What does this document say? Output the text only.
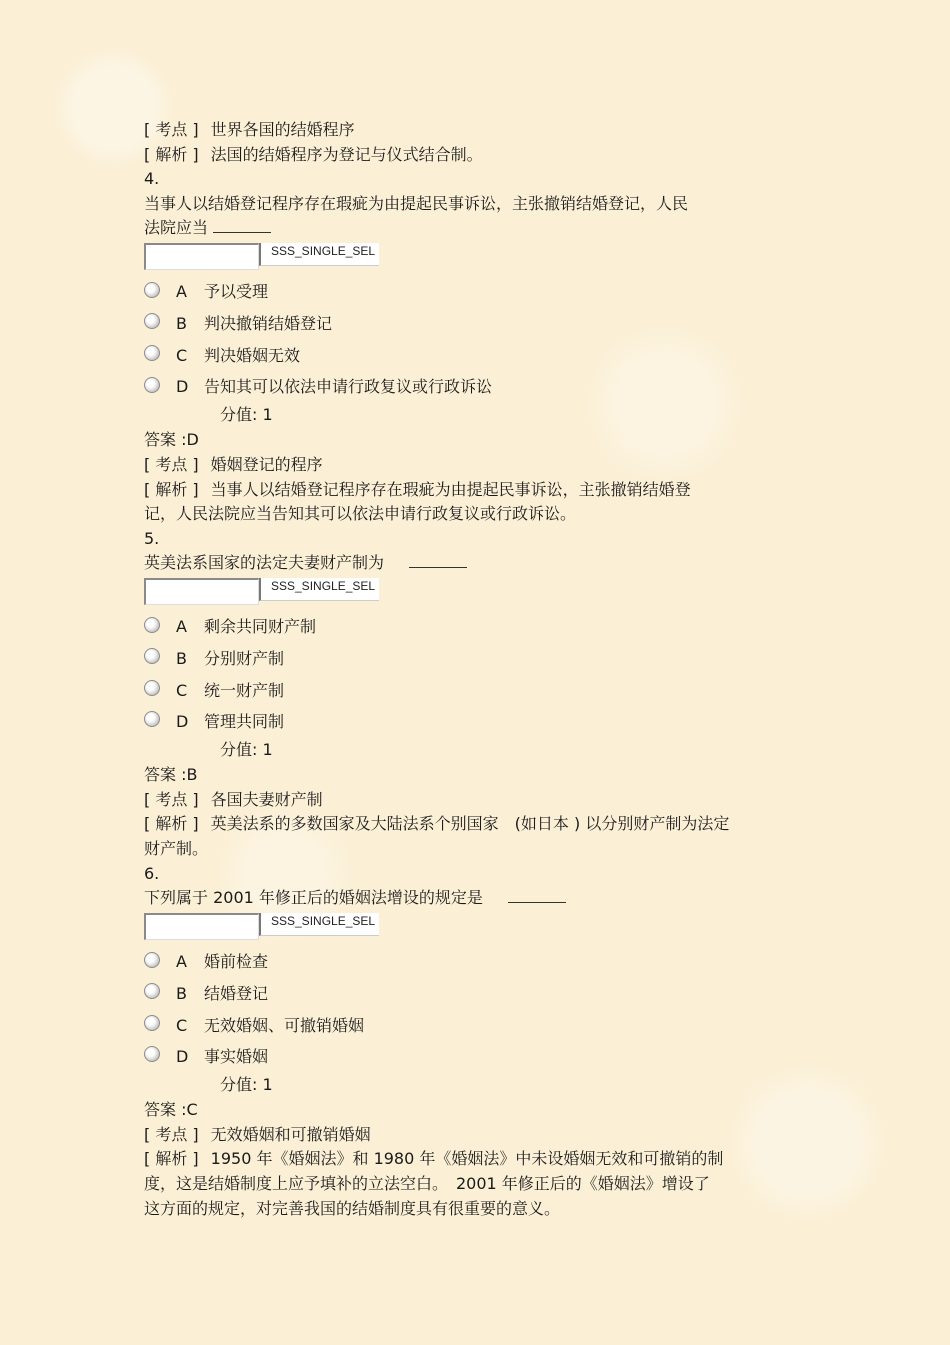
[ 考点 ] 世界各国的结婚程序
[ 解析 ] 法国的结婚程序为登记与仪式结合制。
4.
当事人以结婚登记程序存在瑕疵为由提起民事诉讼，主张撤销结婚登记，人民
法院应当
SSS_SINGLE_SEL
A	予以受理
B	判决撤销结婚登记
C	判决婚姻无效
D 告知其可以依法申请行政复议或行政诉讼
分值: 1
答案 :D
[ 考点 ] 婚姻登记的程序
[ 解析 ] 当事人以结婚登记程序存在瑕疵为由提起民事诉讼，主张撤销结婚登
记，人民法院应当告知其可以依法申请行政复议或行政诉讼。
5.
英美法系国家的法定夫妻财产制为
SSS_SINGLE_SEL
A	剩余共同财产制
B	分别财产制
C	统一财产制
D 管理共同制
分值: 1
答案 :B
[ 考点 ] 各国夫妻财产制
[ 解析 ] 英美法系的多数国家及大陆法系个别国家　(如日本 ) 以分别财产制为法定
财产制。
6.
下列属于 2001 年修正后的婚姻法增设的规定是
SSS_SINGLE_SEL
A	婚前检查
B	结婚登记
C	无效婚姻、可撤销婚姻
D 事实婚姻
分值: 1
答案 :C
[ 考点 ] 无效婚姻和可撤销婚姻
[ 解析 ] 1950 年《婚姻法》和 1980 年《婚姻法》中未设婚姻无效和可撤销的制
度，这是结婚制度上应予填补的立法空白。　2001 年修正后的《婚姻法》增设了
这方面的规定，对完善我国的结婚制度具有很重要的意义。
